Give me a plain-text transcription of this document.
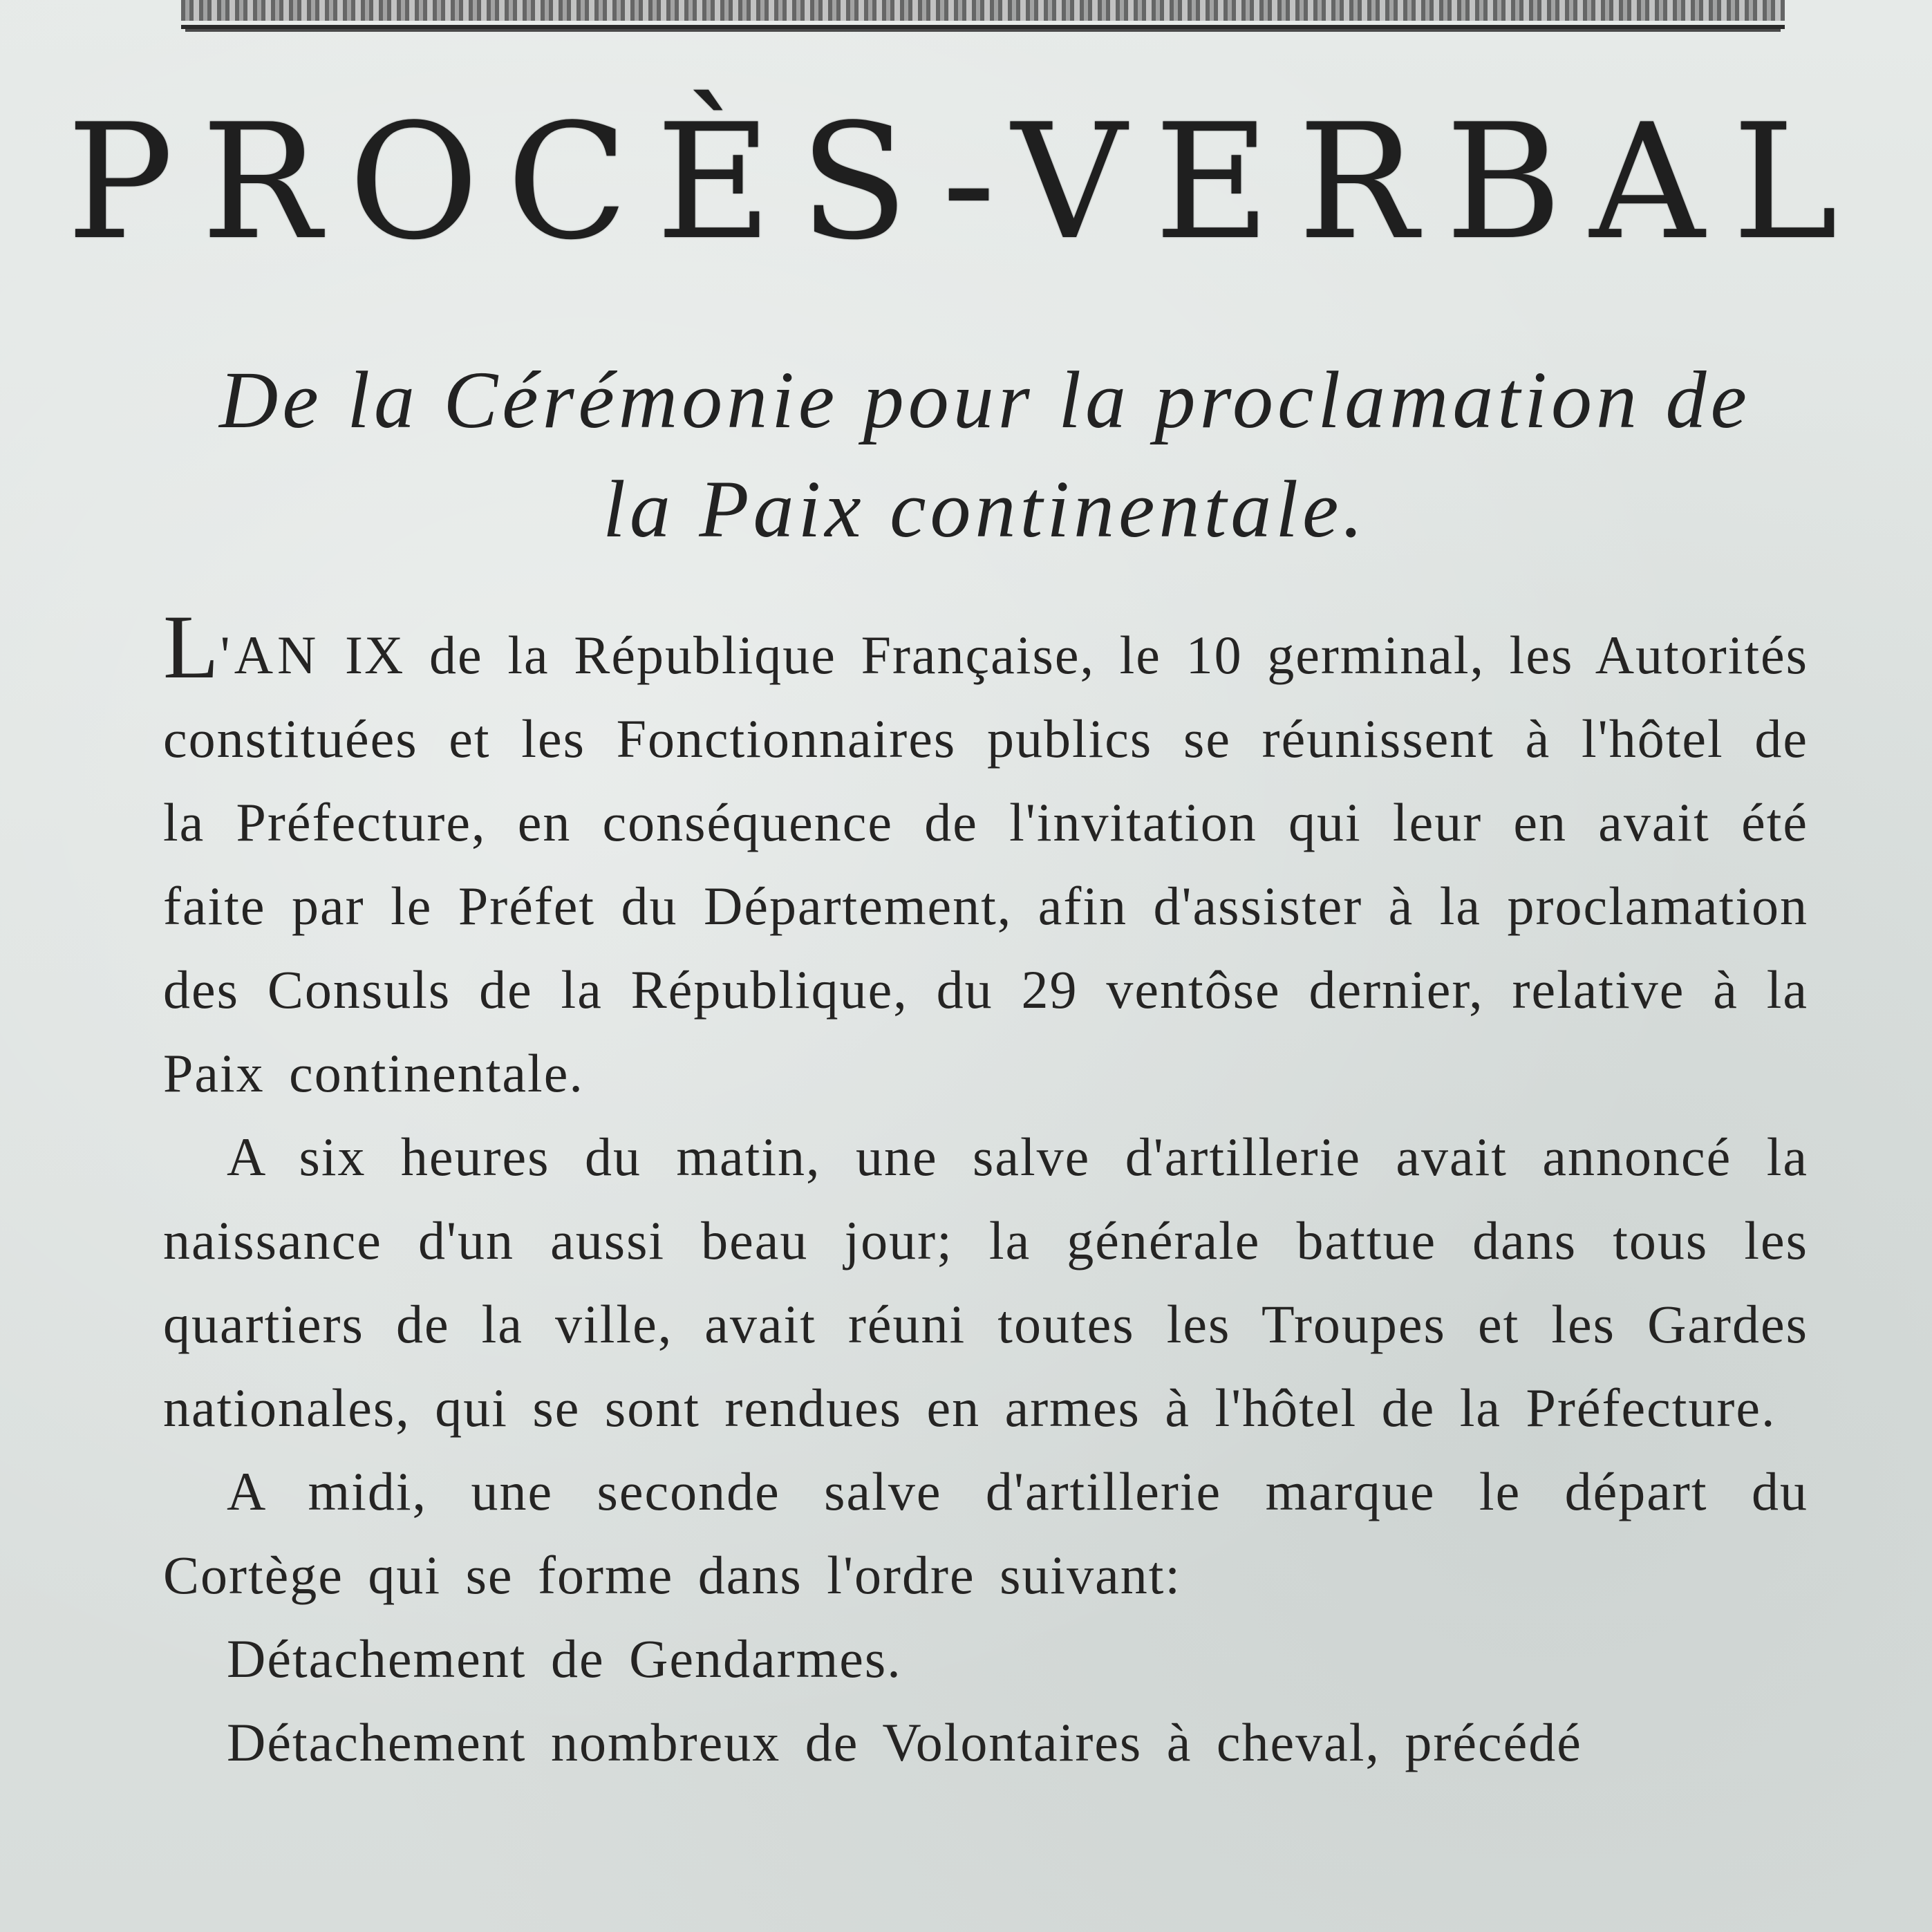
PROCÈS-VERBAL
De la Cérémonie pour la proclamation de
la Paix continentale.

L'AN IX de la République Française, le 10 germinal, les Autorités constituées et les Fonctionnaires publics se réunissent à l'hôtel de la Préfecture, en conséquence de l'invitation qui leur en avait été faite par le Préfet du Département, afin d'assister à la proclamation des Consuls de la République, du 29 ventôse dernier, relative à la Paix continentale.

A six heures du matin, une salve d'artillerie avait annoncé la naissance d'un aussi beau jour; la générale battue dans tous les quartiers de la ville, avait réuni toutes les Troupes et les Gardes nationales, qui se sont rendues en armes à l'hôtel de la Préfecture.

A midi, une seconde salve d'artillerie marque le départ du Cortège qui se forme dans l'ordre suivant:

Détachement de Gendarmes.

Détachement nombreux de Volontaires à cheval, précédé
